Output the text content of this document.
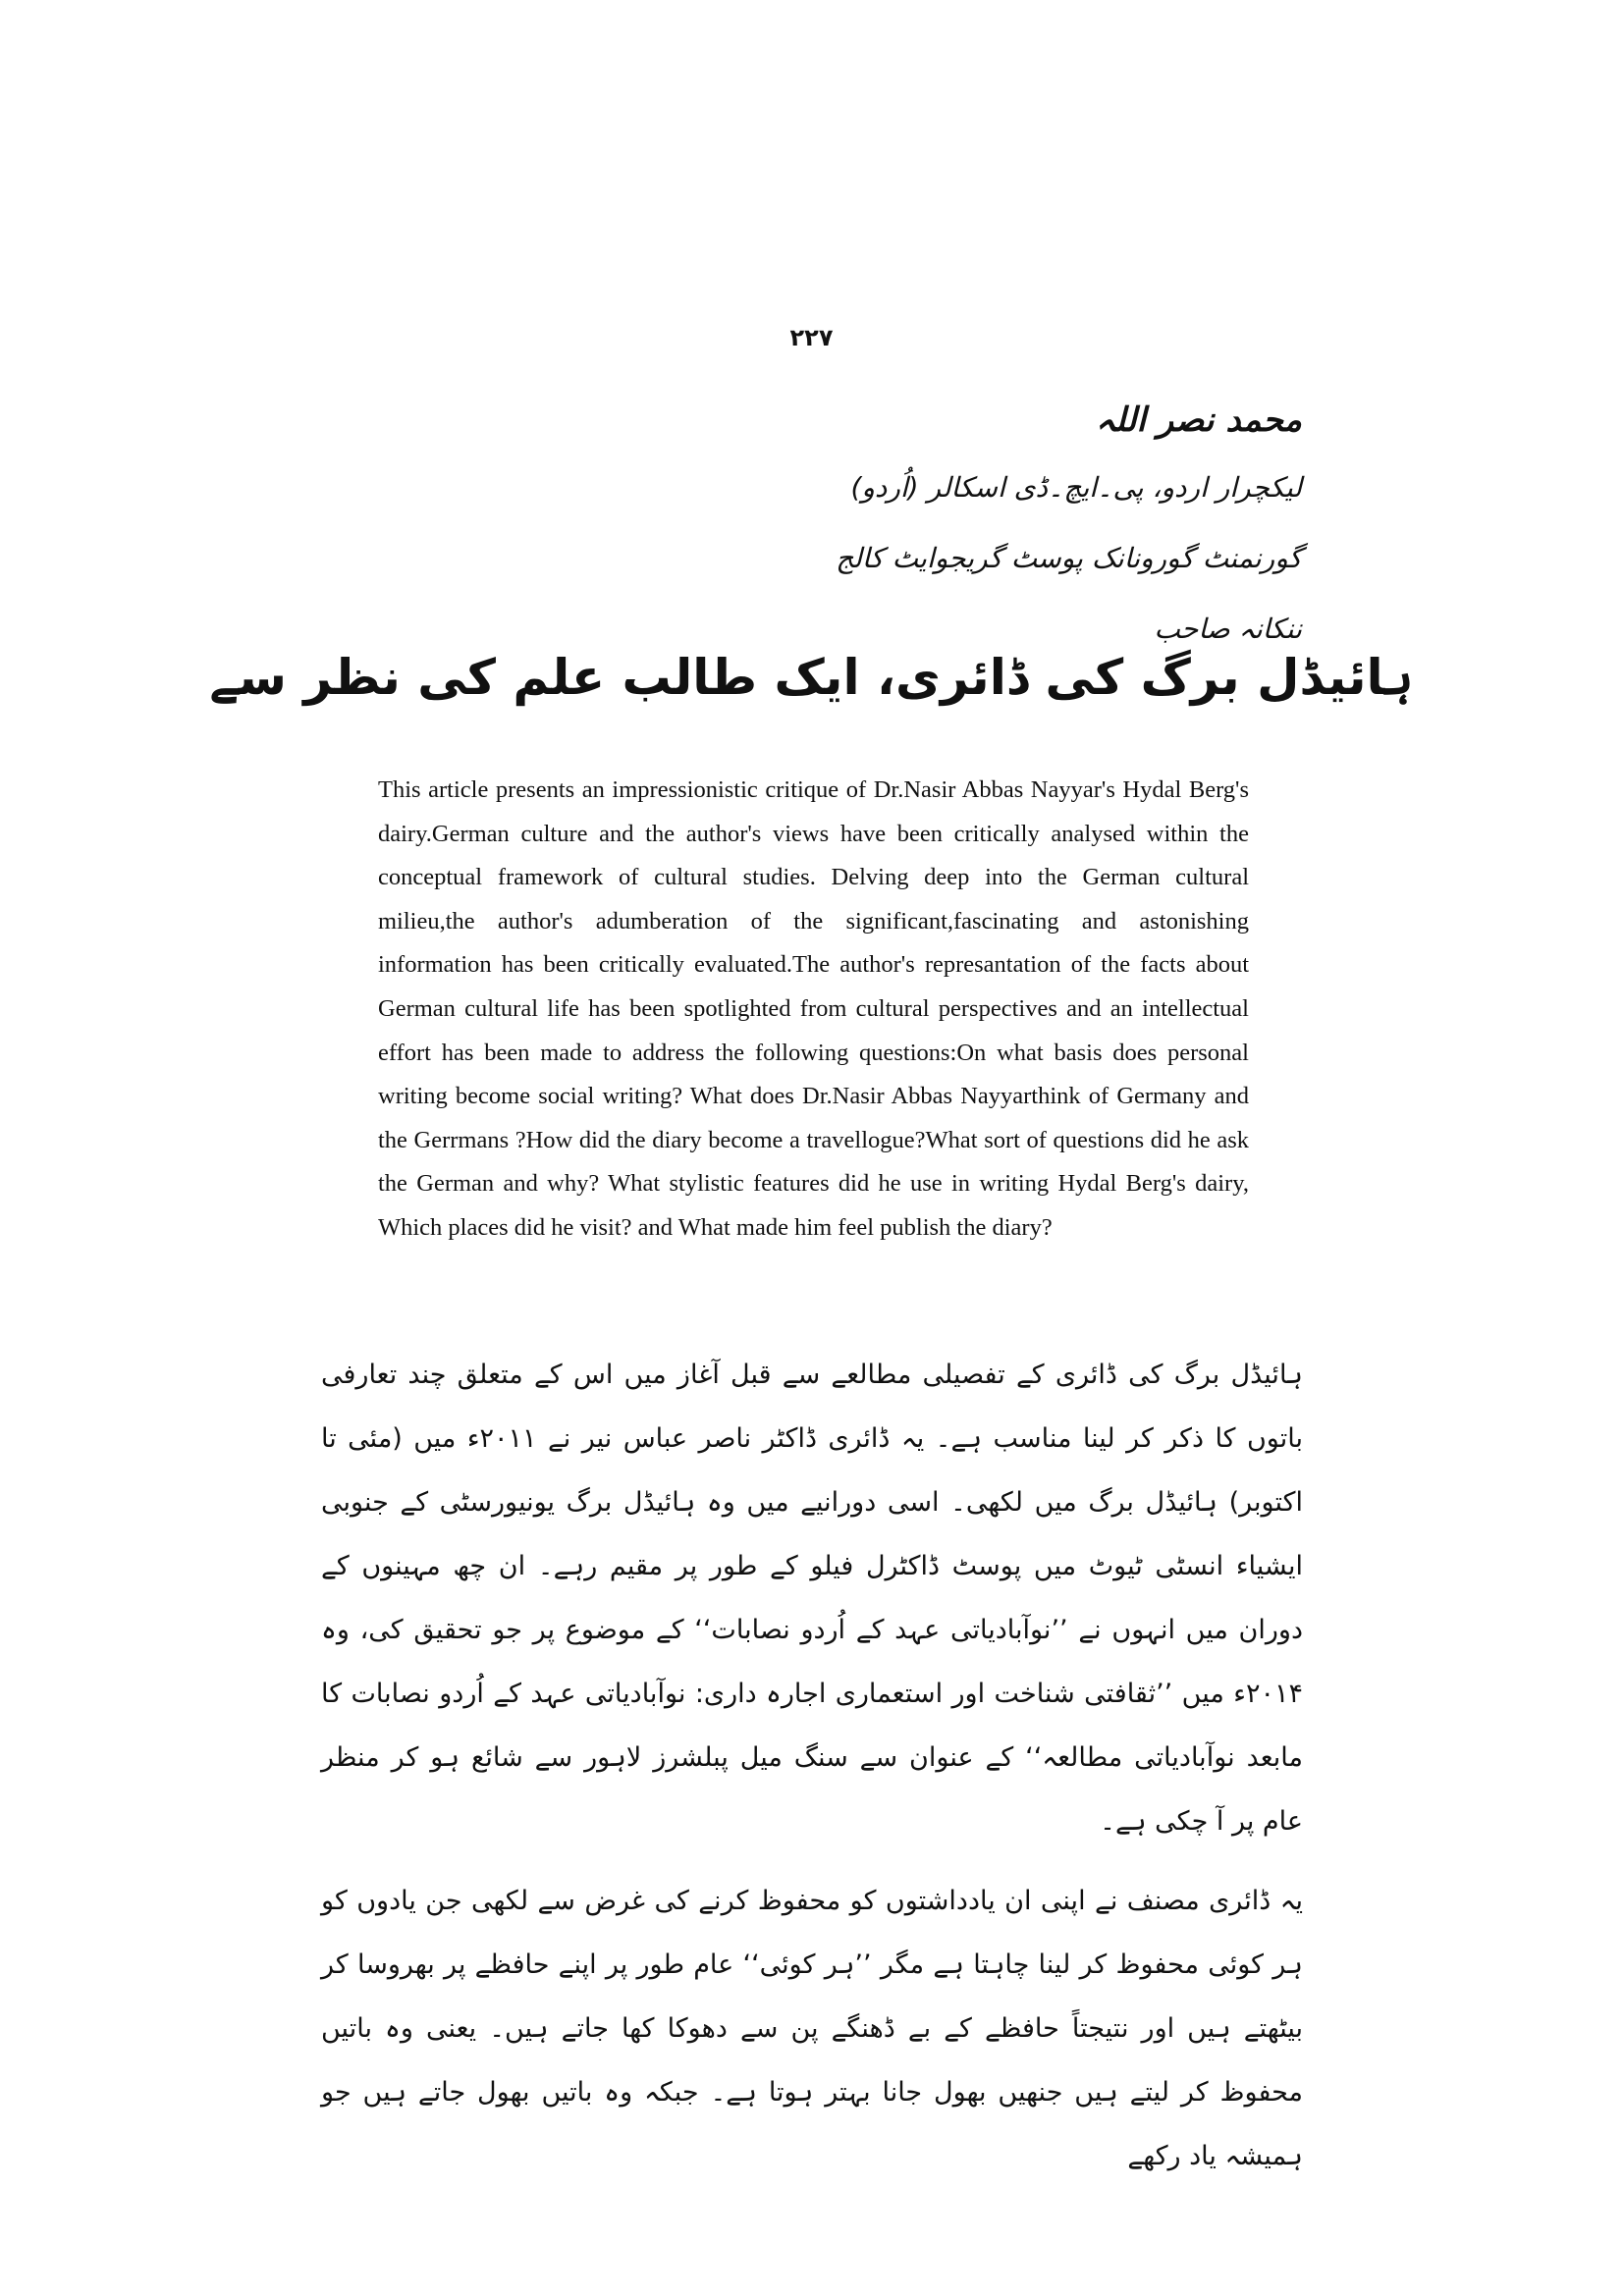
۲۲۷
محمد نصر اللہ
لیکچرار اردو، پی۔ایچ۔ڈی اسکالر (اُردو)
گورنمنٹ گورونانک پوسٹ گریجوایٹ کالج
ننکانہ صاحب
ہائیڈل برگ کی ڈائری، ایک طالب علم کی نظر سے

This article presents an impressionistic critique of Dr.Nasir Abbas Nayyar's Hydal Berg's dairy.German culture and the author's views have been critically analysed within the conceptual framework of cultural studies. Delving deep into the German cultural milieu,the author's adumberation of the significant,fascinating and astonishing information has been critically evaluated.The author's represantation of the facts about German cultural life has been spotlighted from cultural perspectives and an intellectual effort has been made to address the following questions:On what basis does personal writing become social writing? What does Dr.Nasir Abbas Nayyarthink of Germany and the Gerrmans ?How did the diary become a travellogue?What sort of questions did he ask the German and why? What stylistic features did he use in writing Hydal Berg's dairy, Which places did he visit? and What made him feel publish the diary?

ہائیڈل برگ کی ڈائری کے تفصیلی مطالعے سے قبل آغاز میں اس کے متعلق چند تعارفی باتوں کا ذکر کر لینا مناسب ہے۔ یہ ڈائری ڈاکٹر ناصر عباس نیر نے ۲۰۱۱ء میں (مئی تا اکتوبر) ہائیڈل برگ میں لکھی۔ اسی دورانیے میں وہ ہائیڈل برگ یونیورسٹی کے جنوبی ایشیاء انسٹی ٹیوٹ میں پوسٹ ڈاکٹرل فیلو کے طور پر مقیم رہے۔ ان چھ مہینوں کے دوران میں انہوں نے ’’نوآبادیاتی عہد کے اُردو نصابات‘‘ کے موضوع پر جو تحقیق کی، وہ ۲۰۱۴ء میں ’’ثقافتی شناخت اور استعماری اجارہ داری: نوآبادیاتی عہد کے اُردو نصابات کا مابعد نوآبادیاتی مطالعہ‘‘ کے عنوان سے سنگ میل پبلشرز لاہور سے شائع ہو کر منظر عام پر آ چکی ہے۔

یہ ڈائری مصنف نے اپنی ان یادداشتوں کو محفوظ کرنے کی غرض سے لکھی جن یادوں کو ہر کوئی محفوظ کر لینا چاہتا ہے مگر ’’ہر کوئی‘‘ عام طور پر اپنے حافظے پر بھروسا کر بیٹھتے ہیں اور نتیجتاً حافظے کے بے ڈھنگے پن سے دھوکا کھا جاتے ہیں۔ یعنی وہ باتیں محفوظ کر لیتے ہیں جنھیں بھول جانا بہتر ہوتا ہے۔ جبکہ وہ باتیں بھول جاتے ہیں جو ہمیشہ یاد رکھے
